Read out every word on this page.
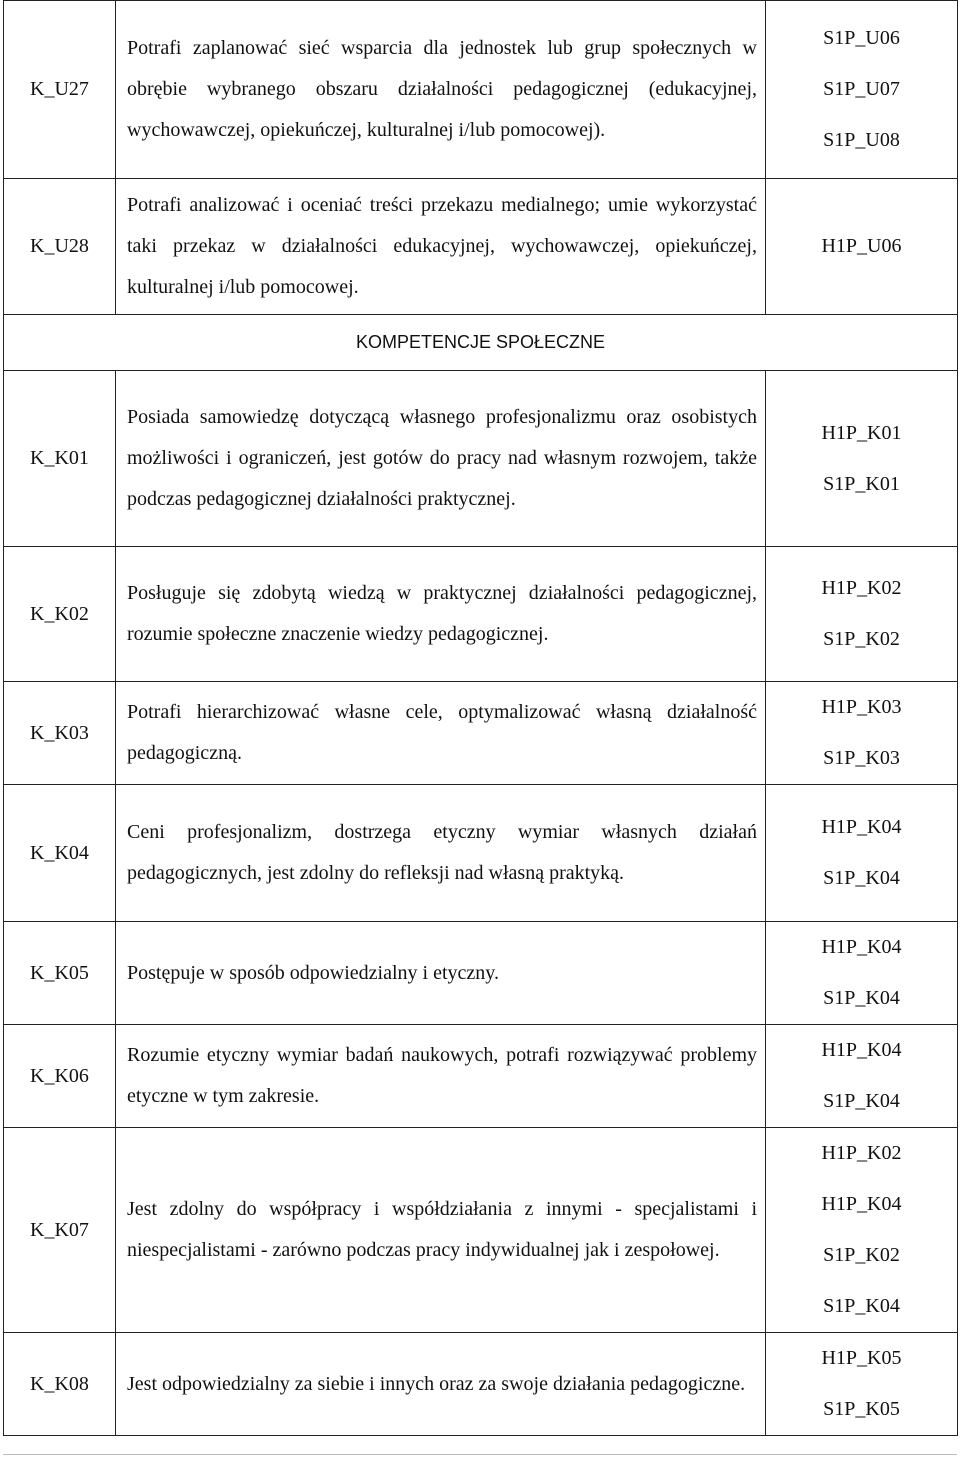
K_U27	Potrafi zaplanować sieć wsparcia dla jednostek lub grup społecznych w obrębie wybranego obszaru działalności pedagogicznej (edukacyjnej, wychowawczej, opiekuńczej, kulturalnej i/lub pomocowej).	S1P_U06
S1P_U07
S1P_U08

K_U28	Potrafi analizować i oceniać treści przekazu medialnego; umie wykorzystać taki przekaz w działalności edukacyjnej, wychowawczej, opiekuńczej, kulturalnej i/lub pomocowej.	H1P_U06

KOMPETENCJE SPOŁECZNE		
K_K01	Posiada samowiedzę dotyczącą własnego profesjonalizmu oraz osobistych możliwości i ograniczeń, jest gotów do pracy nad własnym rozwojem, także podczas pedagogicznej działalności praktycznej.	H1P_K01
S1P_K01

K_K02	Posługuje się zdobytą wiedzą w praktycznej działalności pedagogicznej, rozumie społeczne znaczenie wiedzy pedagogicznej.	H1P_K02
S1P_K02

K_K03	Potrafi hierarchizować własne cele, optymalizować własną działalność pedagogiczną.	H1P_K03
S1P_K03

K_K04	Ceni profesjonalizm, dostrzega etyczny wymiar własnych działań pedagogicznych, jest zdolny do refleksji nad własną praktyką.	H1P_K04
S1P_K04

K_K05	Postępuje w sposób odpowiedzialny i etyczny.	H1P_K04
S1P_K04

K_K06	Rozumie etyczny wymiar badań naukowych, potrafi rozwiązywać problemy etyczne w tym zakresie.	H1P_K04
S1P_K04

K_K07	Jest zdolny do współpracy i współdziałania z innymi - specjalistami i niespecjalistami - zarówno podczas pracy indywidualnej jak i zespołowej.	H1P_K02
H1P_K04
S1P_K02
S1P_K04

K_K08	Jest odpowiedzialny za siebie i innych oraz za swoje działania pedagogiczne.	H1P_K05
S1P_K05
